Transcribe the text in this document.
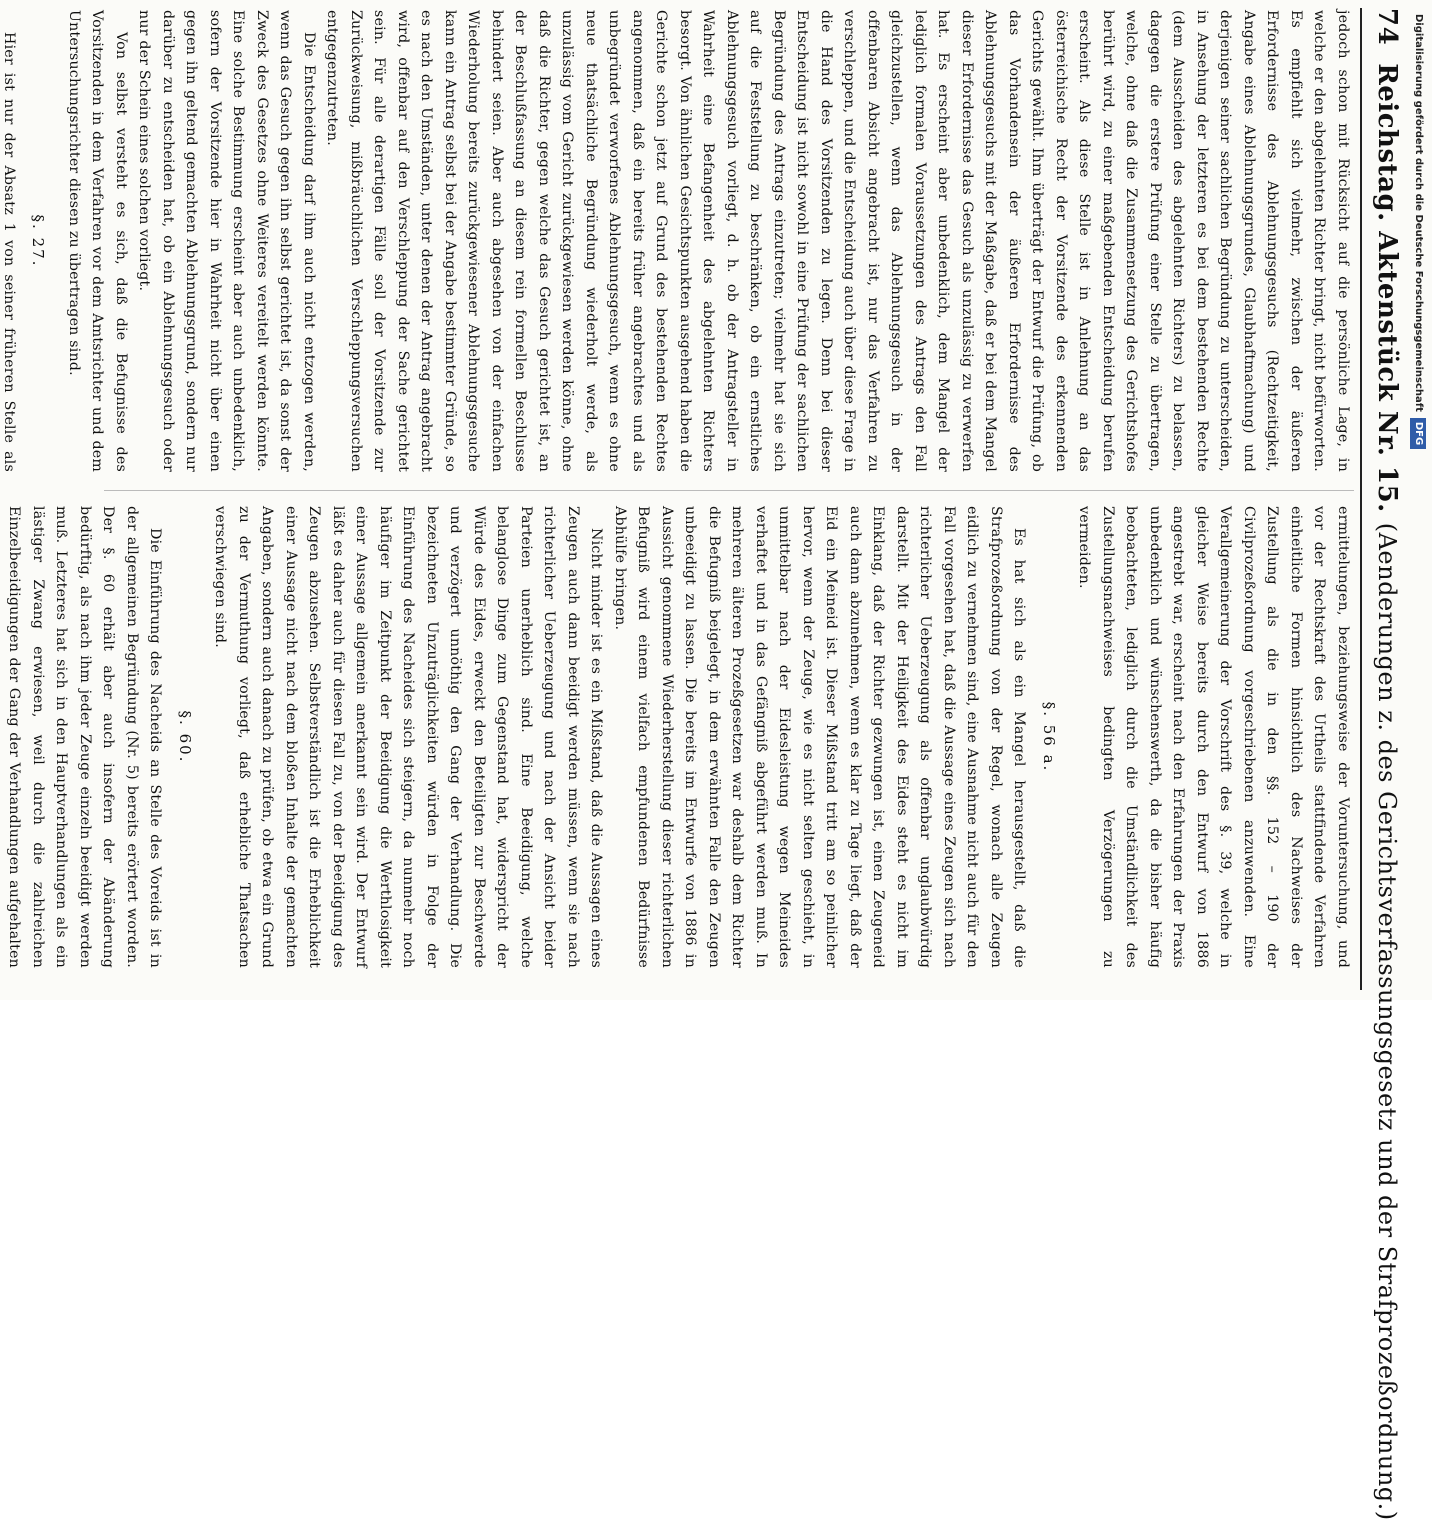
74
Reichstag. Aktenstück Nr. 15.
(Aenderungen z. des Gerichtsverfassungsgesetz und der Strafprozeßordnung.)

jedoch schon mit Rücksicht auf die persönliche Lage, in welche er den abgelehnten Richter bringt, nicht befürworten. Es empfiehlt sich vielmehr, zwischen der äußeren Erfordernisse des Ablehnungsgesuchs (Rechtzeitigkeit, Angabe eines Ablehnungsgrundes, Glaubhaftmachung) und derjenigen seiner sachlichen Begründung zu unterscheiden, in Ansehung der letzteren es bei dem bestehenden Rechte (dem Ausscheiden des abgelehnten Richters) zu belassen, dagegen die erstere Prüfung einer Stelle zu übertragen, welche, ohne daß die Zusammensetzung des Gerichtshofes berührt wird, zu einer maßgebenden Entscheidung berufen erscheint. Als diese Stelle ist in Anlehnung an das österreichische Recht der Vorsitzende des erkennenden Gerichts gewählt. Ihm überträgt der Entwurf die Prüfung, ob das Vorhandensein der äußeren Erfordernisse des Ablehnungsgesuchs mit der Maßgabe, daß er bei dem Mangel dieser Erfordernisse das Gesuch als unzulässig zu verwerfen hat. Es erscheint aber unbedenklich, dem Mangel der lediglich formalen Voraussetzungen des Antrags den Fall gleichzustellen, wenn das Ablehnungsgesuch in der offenbaren Absicht angebracht ist, nur das Verfahren zu verschleppen, und die Entscheidung auch über diese Frage in die Hand des Vorsitzenden zu legen. Denn bei dieser Entscheidung ist nicht sowohl in eine Prüfung der sachlichen Begründung des Antrags einzutreten; vielmehr hat sie sich auf die Feststellung zu beschränken, ob ein ernstliches Ablehnungsgesuch vorliegt, d. h. ob der Antragsteller in Wahrheit eine Befangenheit des abgelehnten Richters besorgt. Von ähnlichen Gesichtspunkten ausgehend haben die Gerichte schon jetzt auf Grund des bestehenden Rechtes angenommen, daß ein bereits früher angebrachtes und als unbegründet verworfenes Ablehnungsgesuch, wenn es ohne neue thatsächliche Begründung wiederholt werde, als unzulässig vom Gericht zurückgewiesen werden könne, ohne daß die Richter, gegen welche das Gesuch gerichtet ist, an der Beschlußfassung an diesem rein formellen Beschlusse behindert seien. Aber auch abgesehen von der einfachen Wiederholung bereits zurückgewiesener Ablehnungsgesuche kann ein Antrag selbst bei der Angabe bestimmter Gründe, so es nach den Umständen, unter denen der Antrag angebracht wird, offenbar auf den Verschleppung der Sache gerichtet sein. Für alle derartigen Fälle soll der Vorsitzende zur Zurückweisung, mißbräuchlichen Verschleppungsversuchen entgegenzutreten.

Die Entscheidung darf ihm auch nicht entzogen werden, wenn das Gesuch gegen ihn selbst gerichtet ist, da sonst der Zweck des Gesetzes ohne Weiteres vereitelt werden könnte. Eine solche Bestimmung erscheint aber auch unbedenklich, sofern der Vorsitzende hier in Wahrheit nicht über einen gegen ihn geltend gemachten Ablehnungsgrund, sondern nur darüber zu entscheiden hat, ob ein Ablehnungsgesuch oder nur der Schein eines solchen vorliegt.

Von selbst versteht es sich, daß die Befugnisse des Vorsitzenden in dem Verfahren vor dem Amtsrichter und dem Untersuchungsrichter diesen zu übertragen sind.

§. 27.

Hier ist nur der Absatz 1 von seiner früheren Stelle als

ermittelungen, beziehungsweise der Voruntersuchung, und vor der Rechtskraft des Urtheils stattfindende Verfahren einheitliche Formen hinsichtlich des Nachweises der Zustellung als die in den §§. 152 – 190 der Civilprozeßordnung vorgeschriebenen anzuwenden. Eine Verallgemeinerung der Vorschrift des §. 39, welche in gleicher Weise bereits durch den Entwurf von 1886 angestrebt war, erscheint nach den Erfahrungen der Praxis unbedenklich und wünschenswerth, da die bisher häufig beobachteten, lediglich durch die Umständlichkeit des Zustellungsnachweises bedingten Verzögerungen zu vermeiden.

§. 56 a.

Es hat sich als ein Mangel herausgestellt, daß die Strafprozeßordnung von der Regel, wonach alle Zeugen eidlich zu vernehmen sind, eine Ausnahme nicht auch für den Fall vorgesehen hat, daß die Aussage eines Zeugen sich nach richterlicher Ueberzeugung als offenbar unglaubwürdig darstellt. Mit der Heiligkeit des Eides steht es nicht im Einklang, daß der Richter gezwungen ist, einen Zeugeneid auch dann abzunehmen, wenn es klar zu Tage liegt, daß der Eid ein Meineid ist. Dieser Mißstand tritt am so peinlicher hervor, wenn der Zeuge, wie es nicht selten geschieht, in unmittelbar nach der Eidesleistung wegen Meineides verhaftet und in das Gefängniß abgeführt werden muß. In mehreren älteren Prozeßgesetzen war deshalb dem Richter die Befugniß beigelegt, in dem erwähnten Falle den Zeugen unbeeidigt zu lassen. Die bereits im Entwurfe von 1886 in Aussicht genommene Wiederherstellung dieser richterlichen Befugniß wird einem vielfach empfundenen Bedürfnisse Abhülfe bringen.

Nicht minder ist es ein Mißstand, daß die Aussagen eines Zeugen auch dann beeidigt werden müssen, wenn sie nach richterlicher Ueberzeugung und nach der Ansicht beider Parteien unerheblich sind. Eine Beeidigung, welche belanglose Dinge zum Gegenstand hat, widerspricht der Würde des Eides, erweckt den Beteiligten zur Beschwerde und verzögert unnöthig den Gang der Verhandlung. Die bezeichneten Unzuträglichkeiten würden in Folge der Einführung des Nacheides sich steigern, da nunmehr noch häufiger im Zeitpunkt der Beeidigung die Werthlosigkeit einer Aussage allgemein anerkannt sein wird. Der Entwurf läßt es daher auch für diesen Fall zu, von der Beeidigung des Zeugen abzusehen. Selbstverständlich ist die Erheblichkeit einer Aussage nicht nach dem bloßen Inhalte der gemachten Angaben, sondern auch danach zu prüfen, ob etwa ein Grund zu der Vermuthung vorliegt, daß erhebliche Thatsachen verschwiegen sind.

§. 60.

Die Einführung des Nacheids an Stelle des Voreids ist in der allgemeinen Begründung (Nr. 5) bereits erörtert worden. Der §. 60 erhält aber auch insofern der Abänderung bedürftig, als nach ihm jeder Zeuge einzeln beeidigt werden muß. Letzteres hat sich in den Hauptverhandlungen als ein lästiger Zwang erwiesen, weil durch die zahlreichen Einzelbeeidigungen der Gang der Verhandlungen aufgehalten

Digitalisierung gefördert durch die Deutsche ForschungsgemeinschaftDFG
